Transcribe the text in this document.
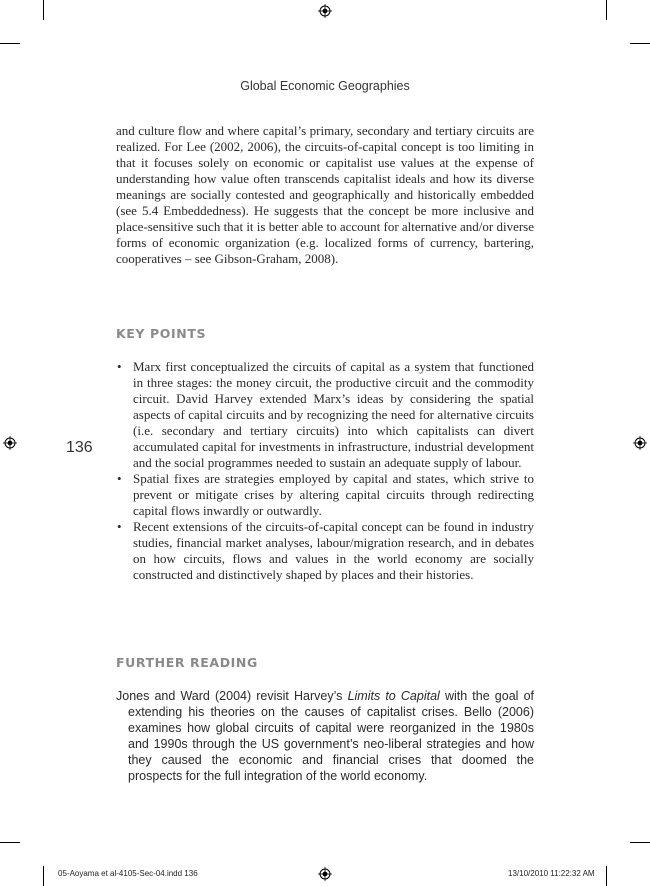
Global Economic Geographies
136
and culture flow and where capital’s primary, secondary and tertiary circuits are realized. For Lee (2002, 2006), the circuits-of-capital concept is too limiting in that it focuses solely on economic or capitalist use values at the expense of understanding how value often transcends capitalist ideals and how its diverse meanings are socially contested and geographically and historically embedded (see 5.4 Embeddedness). He suggests that the concept be more inclusive and place-sensitive such that it is better able to account for alternative and/or diverse forms of economic organization (e.g. localized forms of currency, bartering, cooperatives – see Gibson-Graham, 2008).
KEY POINTS
• Marx first conceptualized the circuits of capital as a system that functioned in three stages: the money circuit, the productive circuit and the commodity circuit. David Harvey extended Marx’s ideas by considering the spatial aspects of capital circuits and by recognizing the need for alternative circuits (i.e. secondary and tertiary circuits) into which capitalists can divert accumulated capital for investments in infrastructure, industrial development and the social programmes needed to sustain an adequate supply of labour.
• Spatial fixes are strategies employed by capital and states, which strive to prevent or mitigate crises by altering capital circuits through redirecting capital flows inwardly or outwardly.
• Recent extensions of the circuits-of-capital concept can be found in industry studies, financial market analyses, labour/migration research, and in debates on how circuits, flows and values in the world economy are socially constructed and distinctively shaped by places and their histories.
FURTHER READING
Jones and Ward (2004) revisit Harvey’s Limits to Capital with the goal of extending his theories on the causes of capitalist crises. Bello (2006) examines how global circuits of capital were reorganized in the 1980s and 1990s through the US government’s neo-liberal strategies and how they caused the economic and financial crises that doomed the prospects for the full integration of the world economy.
05-Aoyama et al-4105-Sec-04.indd 136	13/10/2010 11:22:32 AM
